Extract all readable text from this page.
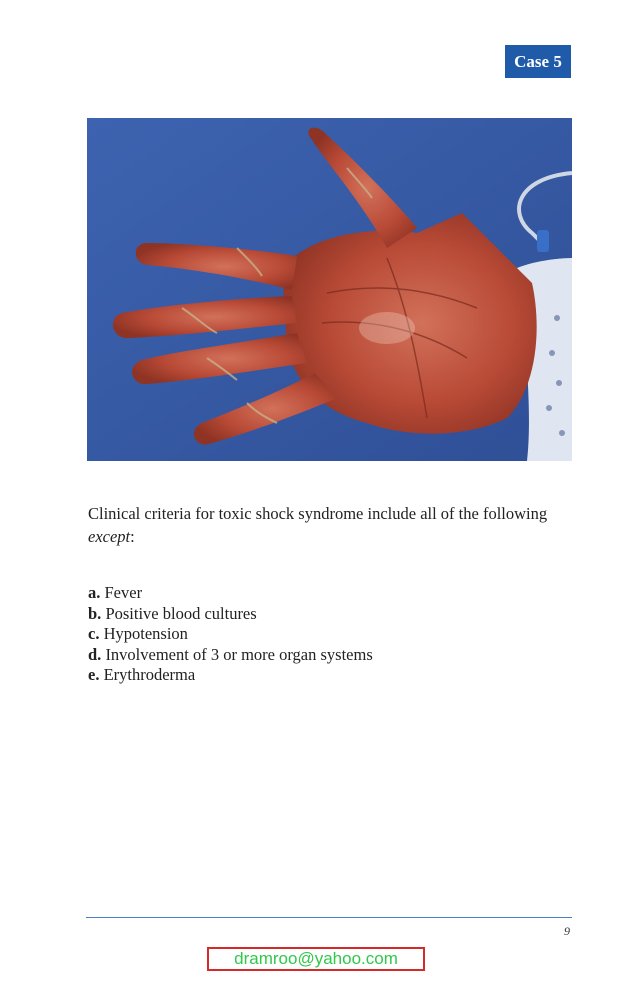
Case 5
Clinical criteria for toxic shock syndrome include all of the following except:
a. Fever
b. Positive blood cultures
c. Hypotension
d. Involvement of 3 or more organ systems
e. Erythroderma
9
dramroo@yahoo.com
